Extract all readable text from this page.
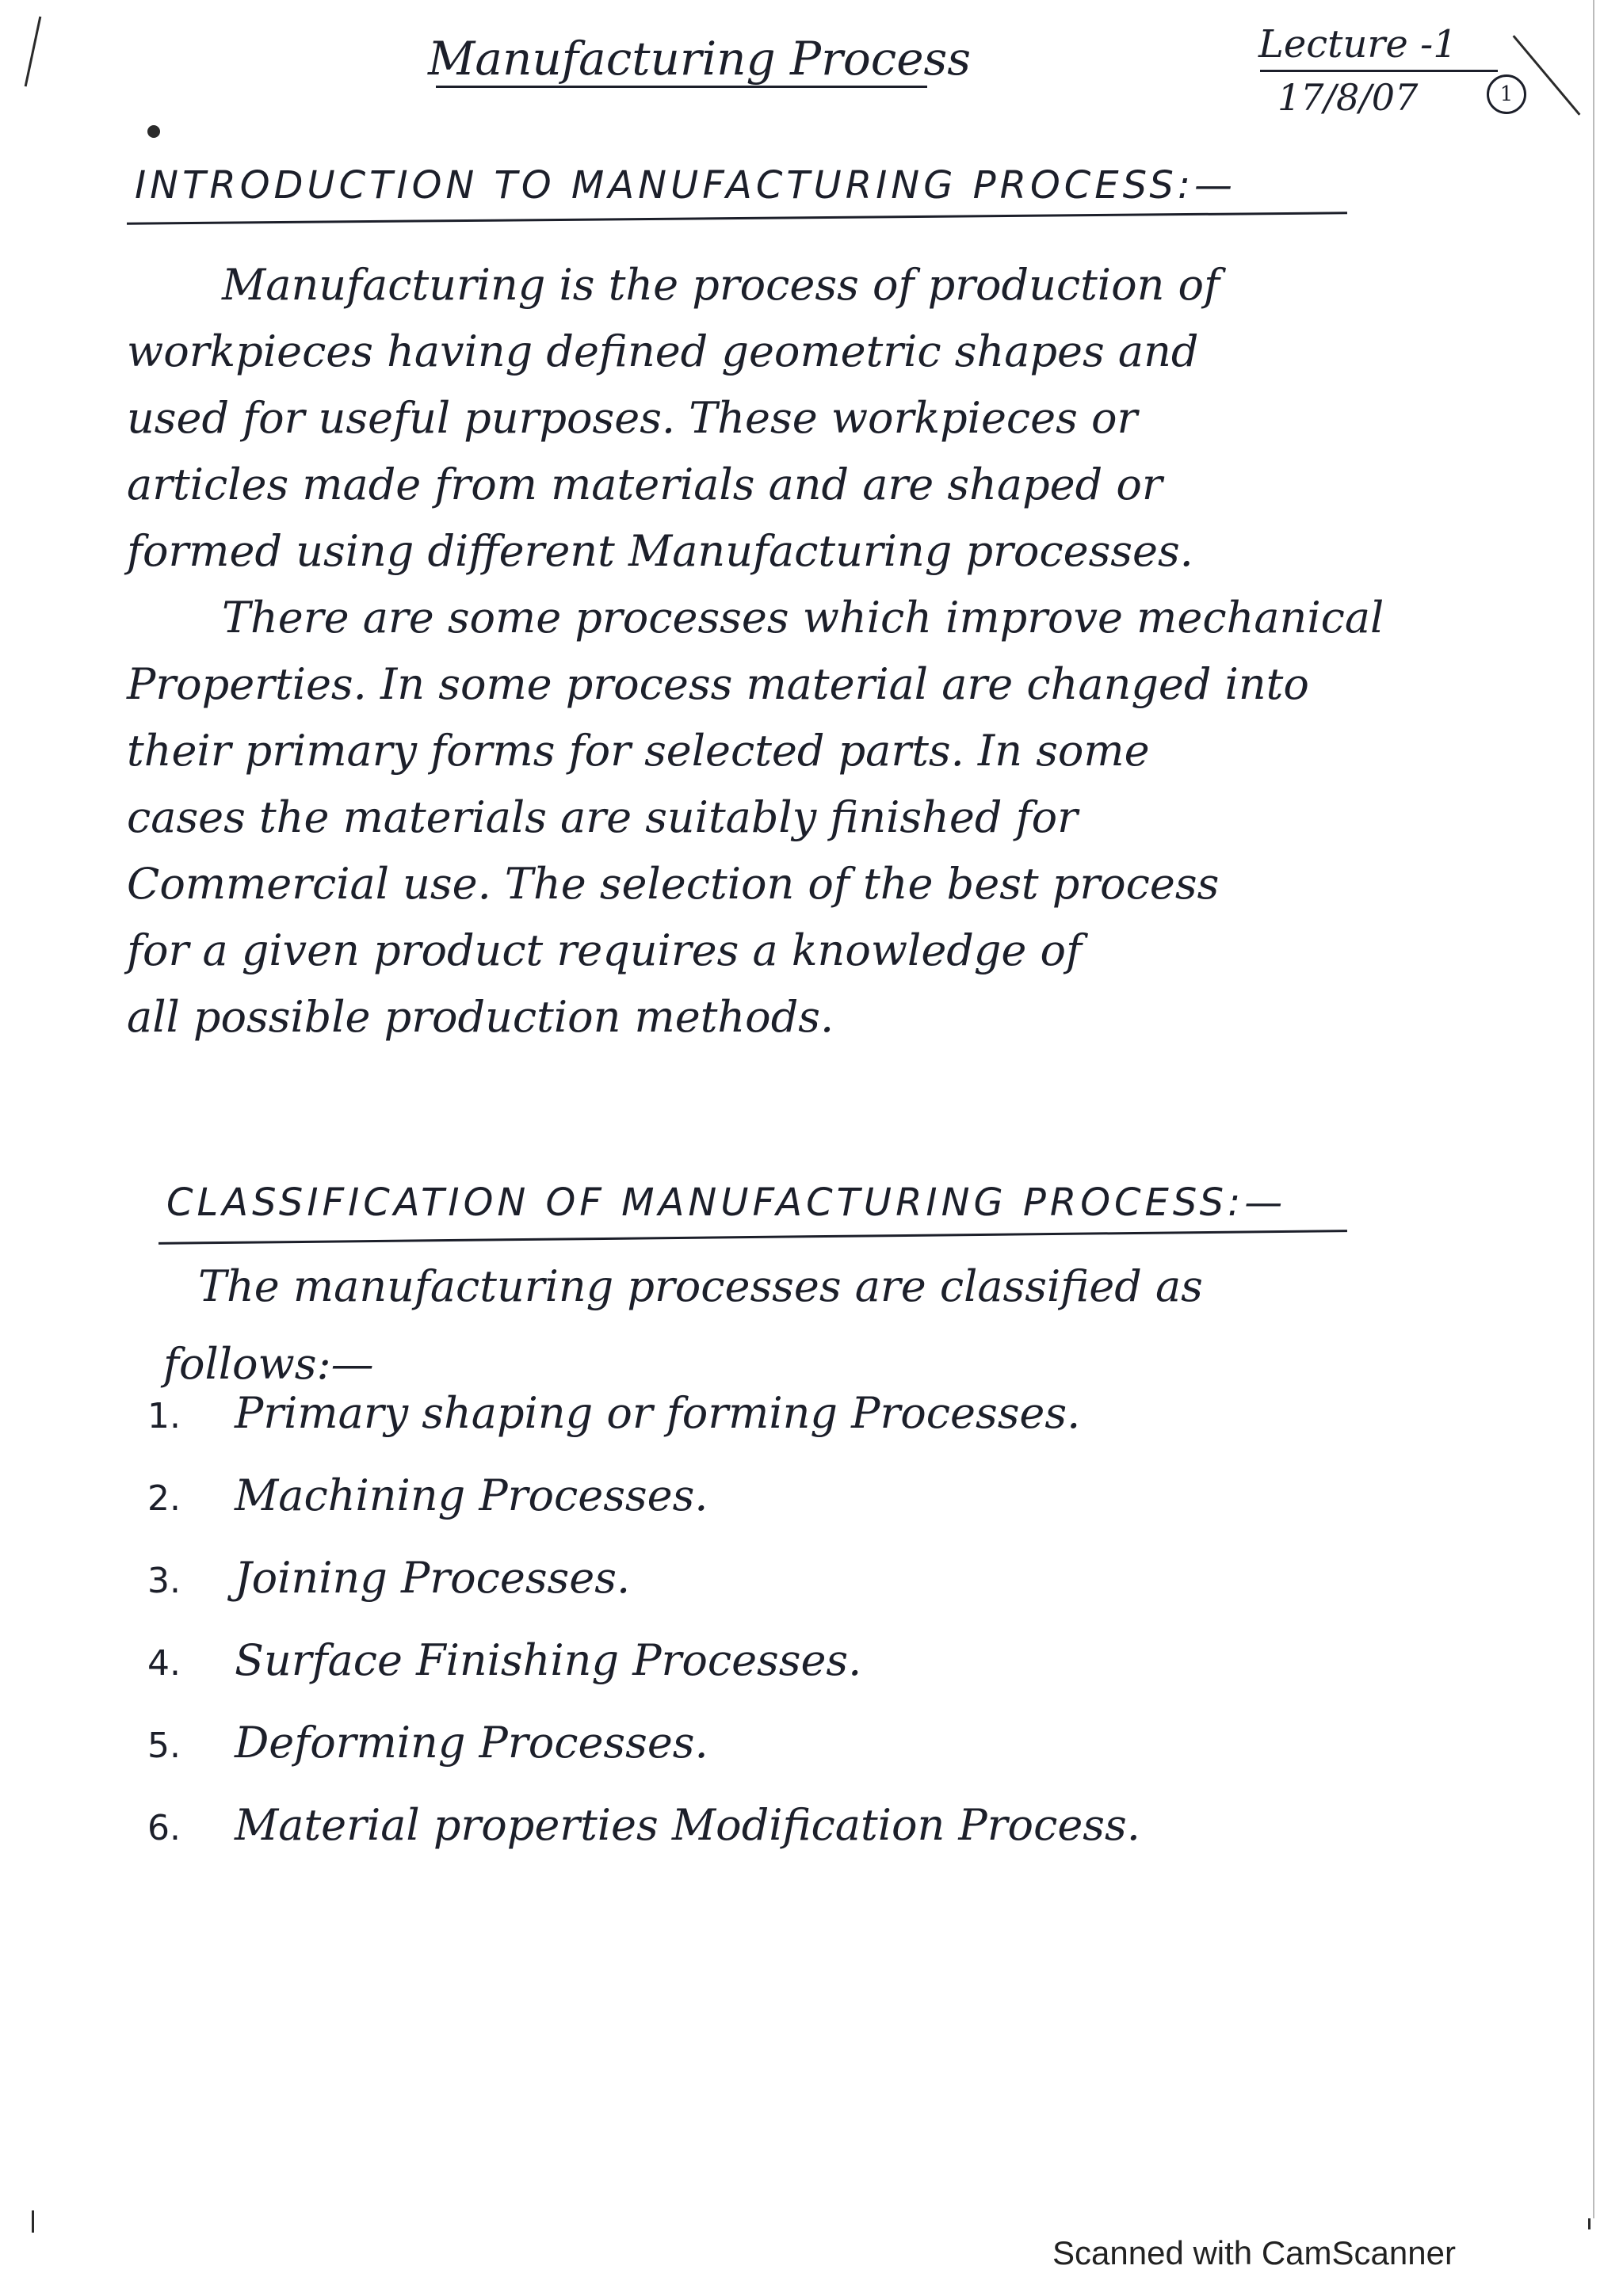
Manufacturing Process	Lecture -1
17/8/07	1
INTRODUCTION TO MANUFACTURING PROCESS:—
Manufacturing is the process of production of
workpieces having defined geometric shapes and
used for useful purposes. These workpieces or
articles made from materials and are shaped or
formed using different Manufacturing processes.
There are some processes which improve mechanical
Properties. In some process material are changed into
their primary forms for selected parts. In some
cases the materials are suitably finished for
Commercial use. The selection of the best process
for a given product requires a knowledge of
all possible production methods.
CLASSIFICATION OF MANUFACTURING PROCESS:—
The manufacturing processes are classified as
follows:—
1. Primary shaping or forming Processes.
2. Machining Processes.
3. Joining Processes.
4. Surface Finishing Processes.
5. Deforming Processes.
6. Material properties Modification Process.
Scanned with CamScanner
